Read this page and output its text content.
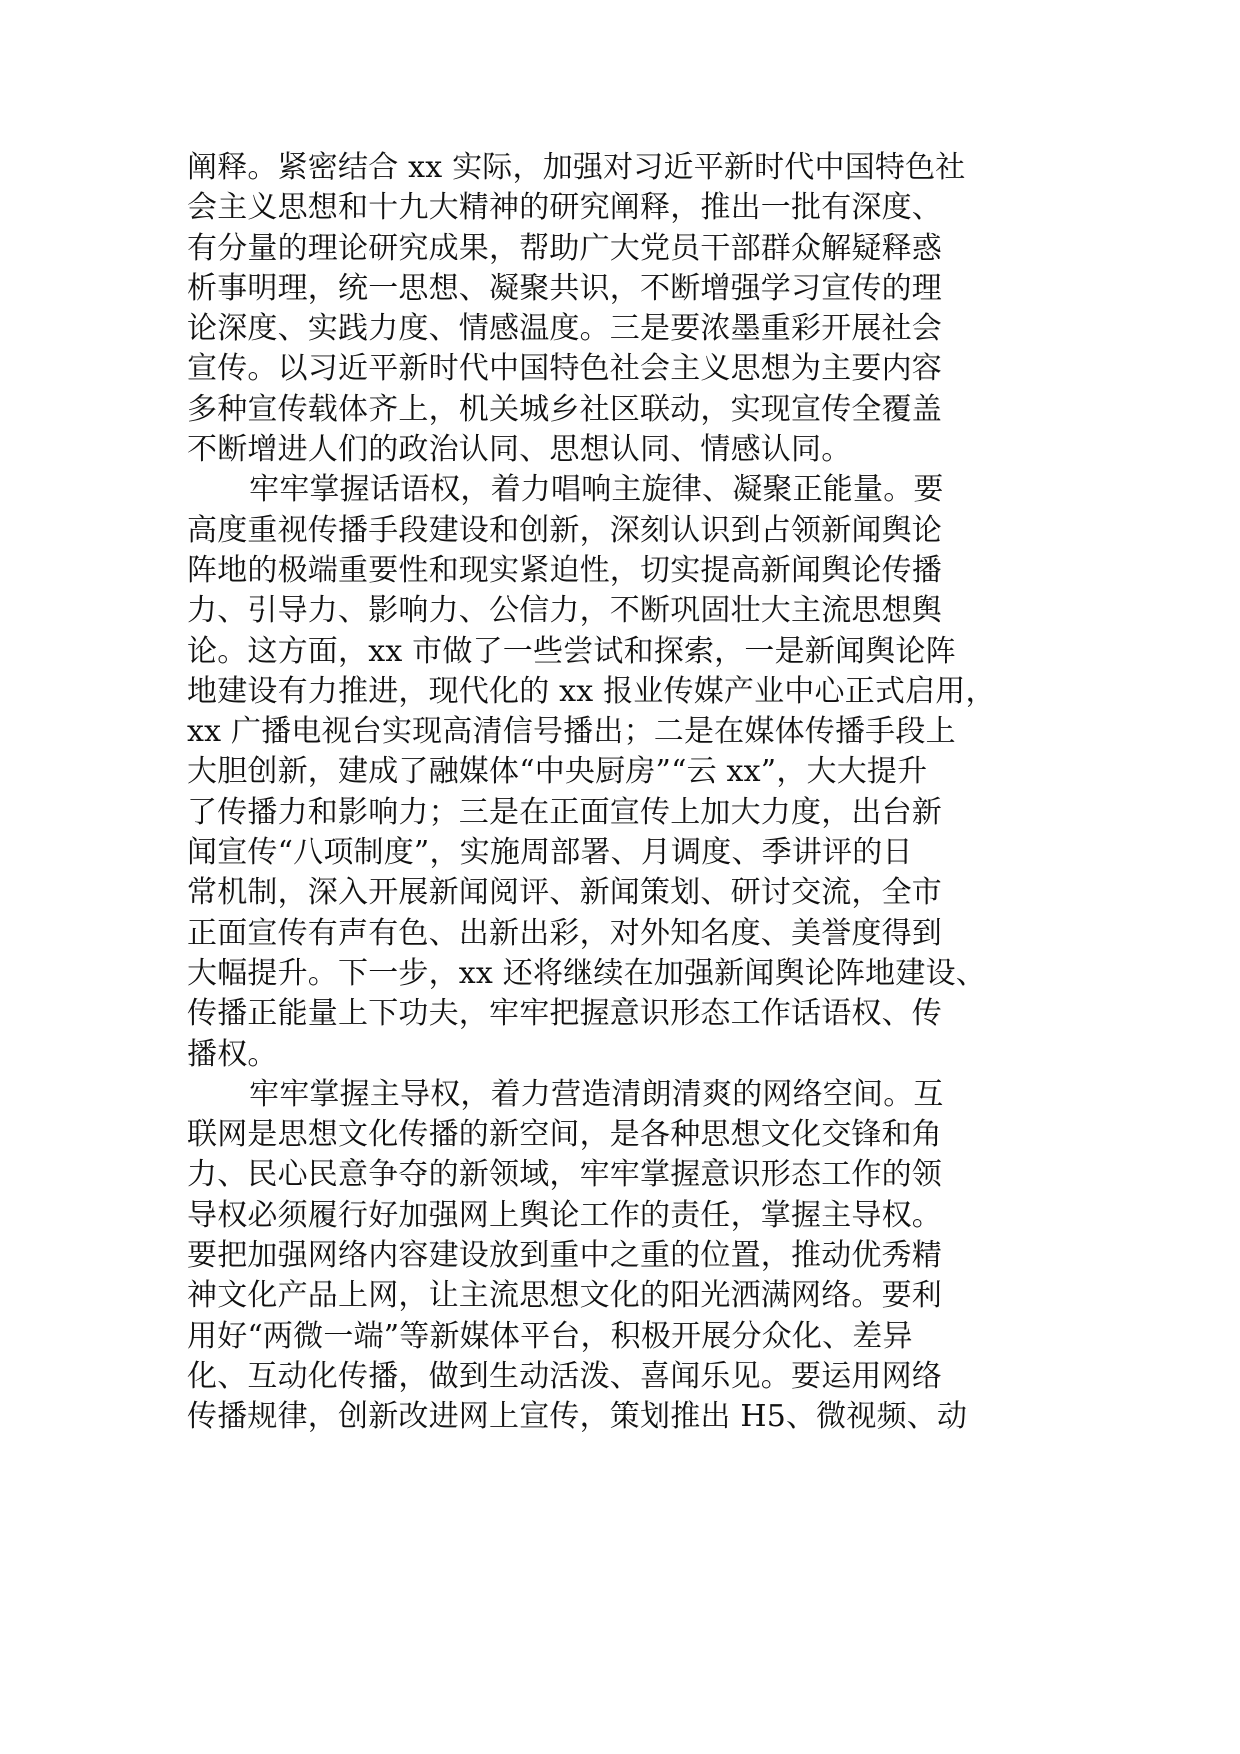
阐释。紧密结合 xx 实际，加强对习近平新时代中国特色社
会主义思想和十九大精神的研究阐释，推出一批有深度、
有分量的理论研究成果，帮助广大党员干部群众解疑释惑
析事明理，统一思想、凝聚共识，不断增强学习宣传的理
论深度、实践力度、情感温度。三是要浓墨重彩开展社会
宣传。以习近平新时代中国特色社会主义思想为主要内容
多种宣传载体齐上，机关城乡社区联动，实现宣传全覆盖
不断增进人们的政治认同、思想认同、情感认同。
牢牢掌握话语权，着力唱响主旋律、凝聚正能量。要
高度重视传播手段建设和创新，深刻认识到占领新闻舆论
阵地的极端重要性和现实紧迫性，切实提高新闻舆论传播
力、引导力、影响力、公信力，不断巩固壮大主流思想舆
论。这方面，xx 市做了一些尝试和探索，一是新闻舆论阵
地建设有力推进，现代化的 xx 报业传媒产业中心正式启用，
xx 广播电视台实现高清信号播出；二是在媒体传播手段上
大胆创新，建成了融媒体“中央厨房”“云 xx”，大大提升
了传播力和影响力；三是在正面宣传上加大力度，出台新
闻宣传“八项制度”，实施周部署、月调度、季讲评的日
常机制，深入开展新闻阅评、新闻策划、研讨交流，全市
正面宣传有声有色、出新出彩，对外知名度、美誉度得到
大幅提升。下一步，xx 还将继续在加强新闻舆论阵地建设、
传播正能量上下功夫，牢牢把握意识形态工作话语权、传
播权。
牢牢掌握主导权，着力营造清朗清爽的网络空间。互
联网是思想文化传播的新空间，是各种思想文化交锋和角
力、民心民意争夺的新领域，牢牢掌握意识形态工作的领
导权必须履行好加强网上舆论工作的责任，掌握主导权。
要把加强网络内容建设放到重中之重的位置，推动优秀精
神文化产品上网，让主流思想文化的阳光洒满网络。要利
用好“两微一端”等新媒体平台，积极开展分众化、差异
化、互动化传播，做到生动活泼、喜闻乐见。要运用网络
传播规律，创新改进网上宣传，策划推出 H5、微视频、动
